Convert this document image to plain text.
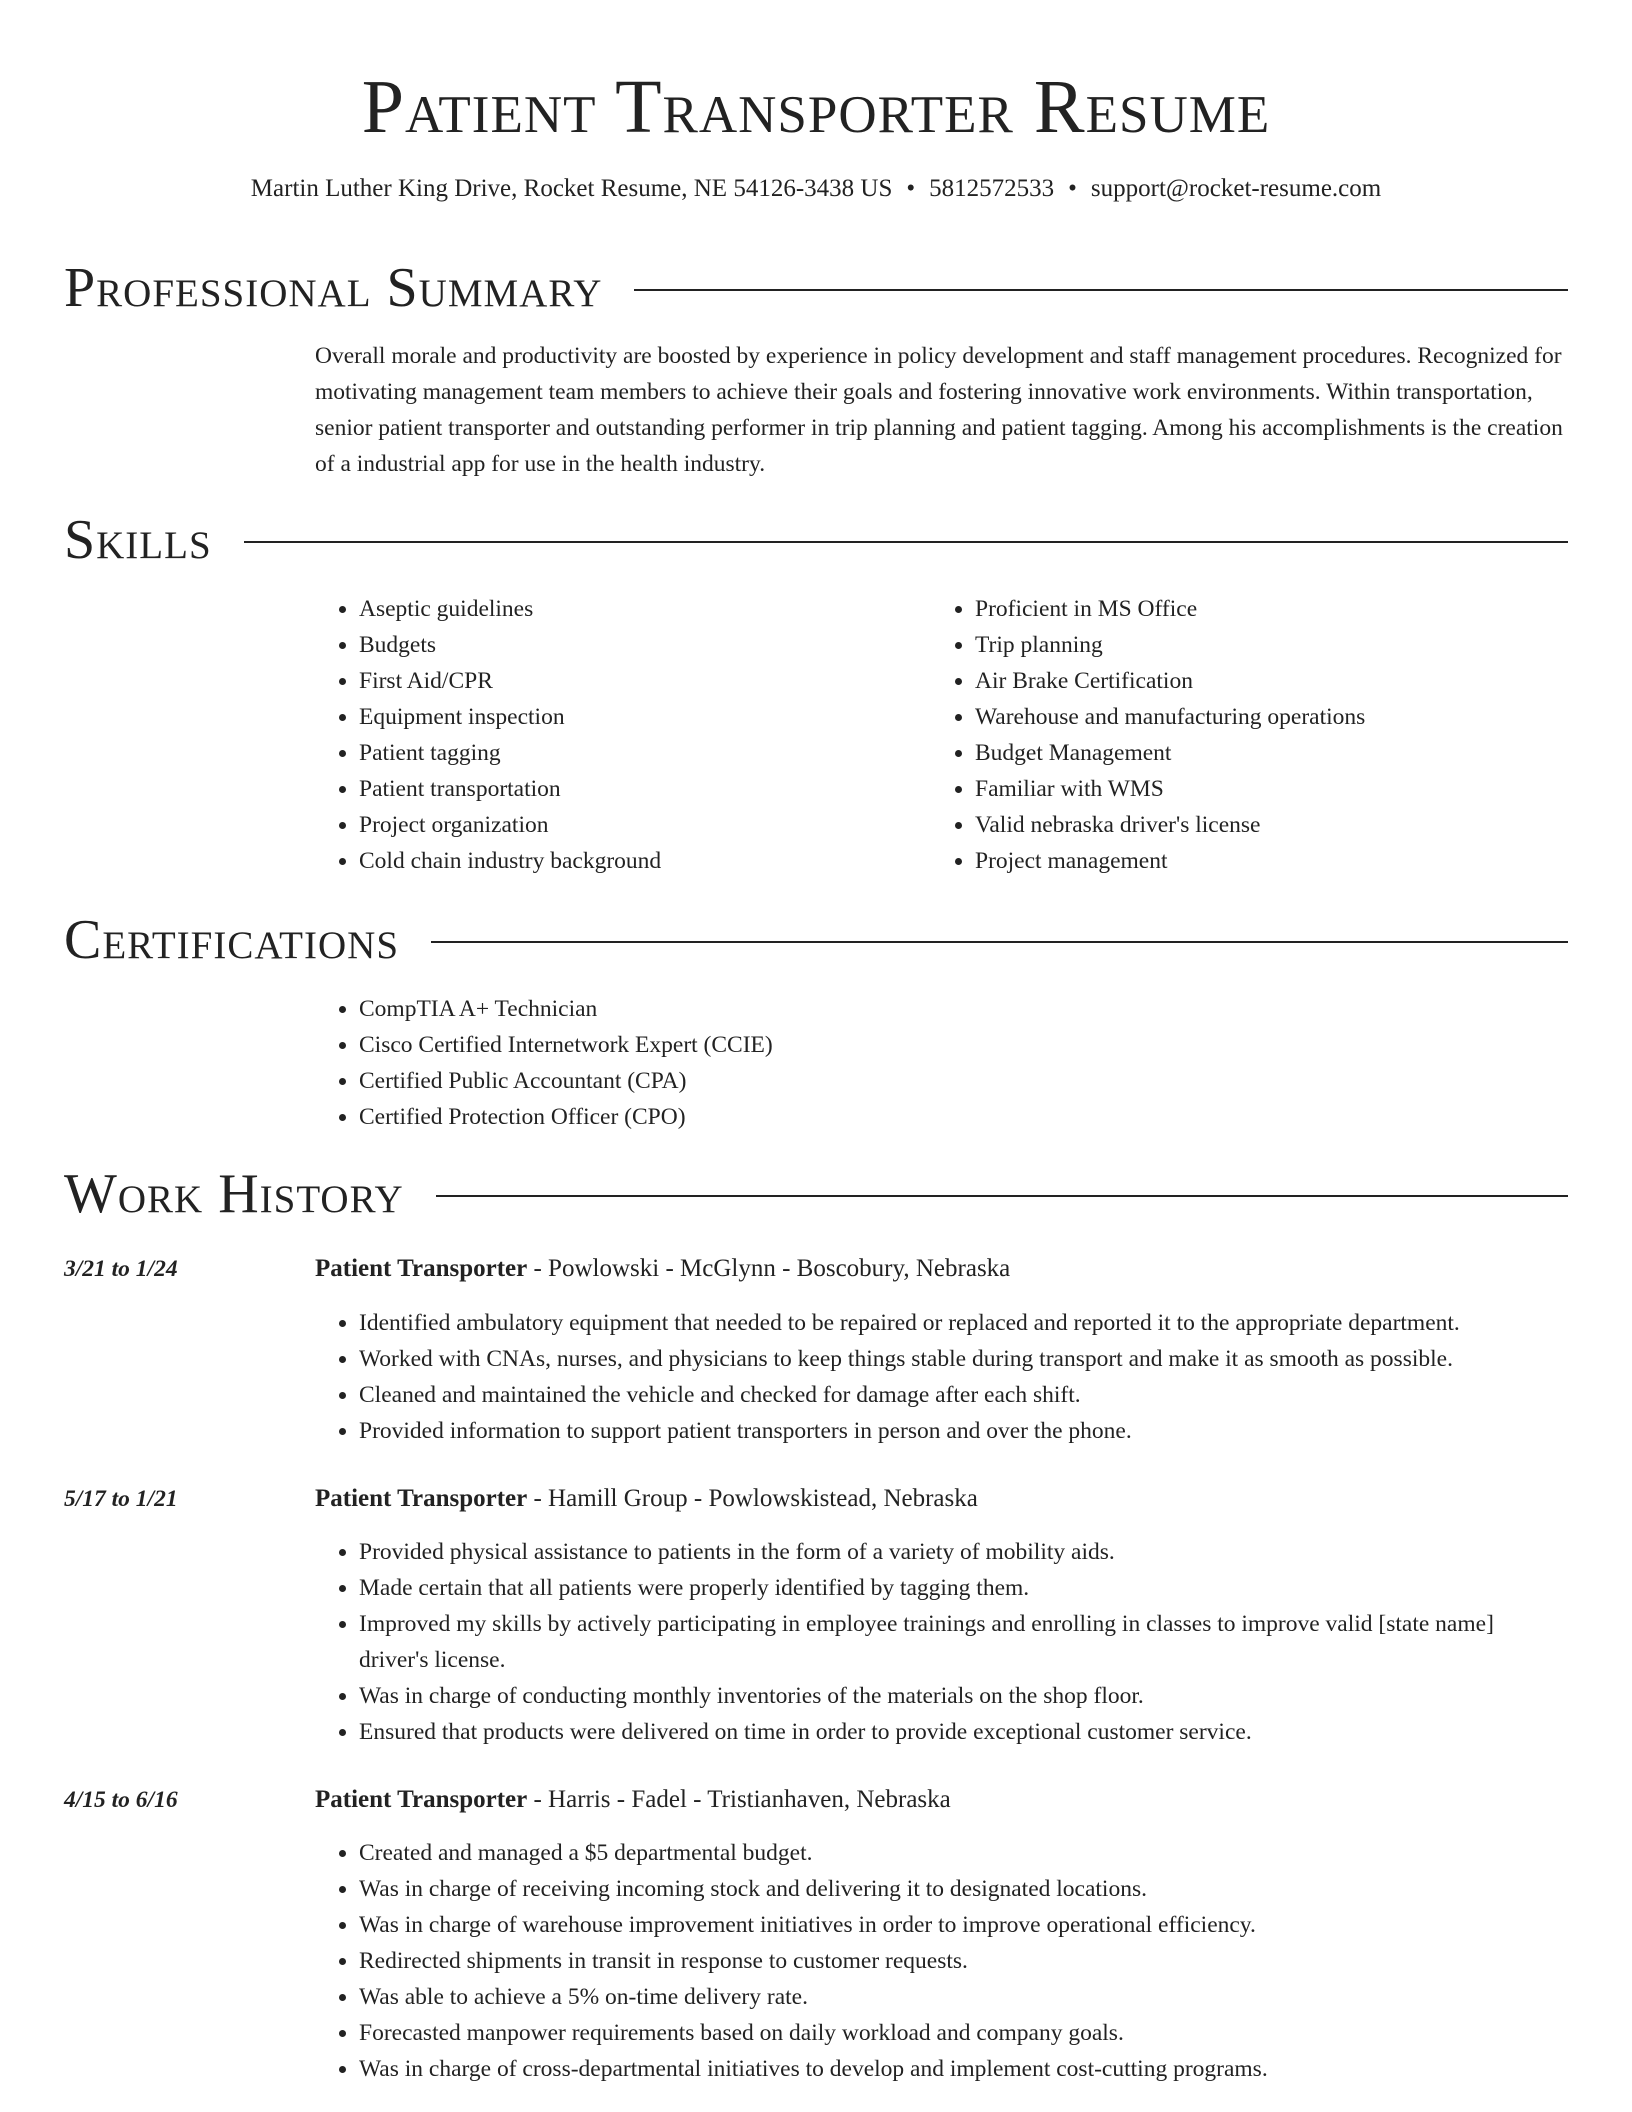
Patient Transporter Resume
Martin Luther King Drive, Rocket Resume, NE 54126-3438 US • 5812572533 • support@rocket-resume.com
Professional Summary

Overall morale and productivity are boosted by experience in policy development and staff management procedures. Recognized for motivating management team members to achieve their goals and fostering innovative work environments. Within transportation, senior patient transporter and outstanding performer in trip planning and patient tagging. Among his accomplishments is the creation of a industrial app for use in the health industry.

Skills
• Aseptic guidelines
• Budgets
• First Aid/CPR
• Equipment inspection
• Patient tagging
• Patient transportation
• Project organization
• Cold chain industry background
• Proficient in MS Office
• Trip planning
• Air Brake Certification
• Warehouse and manufacturing operations
• Budget Management
• Familiar with WMS
• Valid nebraska driver's license
• Project management
Certifications
• CompTIA A+ Technician
• Cisco Certified Internetwork Expert (CCIE)
• Certified Public Accountant (CPA)
• Certified Protection Officer (CPO)
Work History
3/21 to 1/24	Patient Transporter - Powlowski - McGlynn - Boscobury, Nebraska
• Identified ambulatory equipment that needed to be repaired or replaced and reported it to the appropriate department.
• Worked with CNAs, nurses, and physicians to keep things stable during transport and make it as smooth as possible.
• Cleaned and maintained the vehicle and checked for damage after each shift.
• Provided information to support patient transporters in person and over the phone.
5/17 to 1/21	Patient Transporter - Hamill Group - Powlowskistead, Nebraska
• Provided physical assistance to patients in the form of a variety of mobility aids.
• Made certain that all patients were properly identified by tagging them.
• Improved my skills by actively participating in employee trainings and enrolling in classes to improve valid [state name] driver's license.
• Was in charge of conducting monthly inventories of the materials on the shop floor.
• Ensured that products were delivered on time in order to provide exceptional customer service.
4/15 to 6/16	Patient Transporter - Harris - Fadel - Tristianhaven, Nebraska
• Created and managed a $5 departmental budget.
• Was in charge of receiving incoming stock and delivering it to designated locations.
• Was in charge of warehouse improvement initiatives in order to improve operational efficiency.
• Redirected shipments in transit in response to customer requests.
• Was able to achieve a 5% on-time delivery rate.
• Forecasted manpower requirements based on daily workload and company goals.
• Was in charge of cross-departmental initiatives to develop and implement cost-cutting programs.
